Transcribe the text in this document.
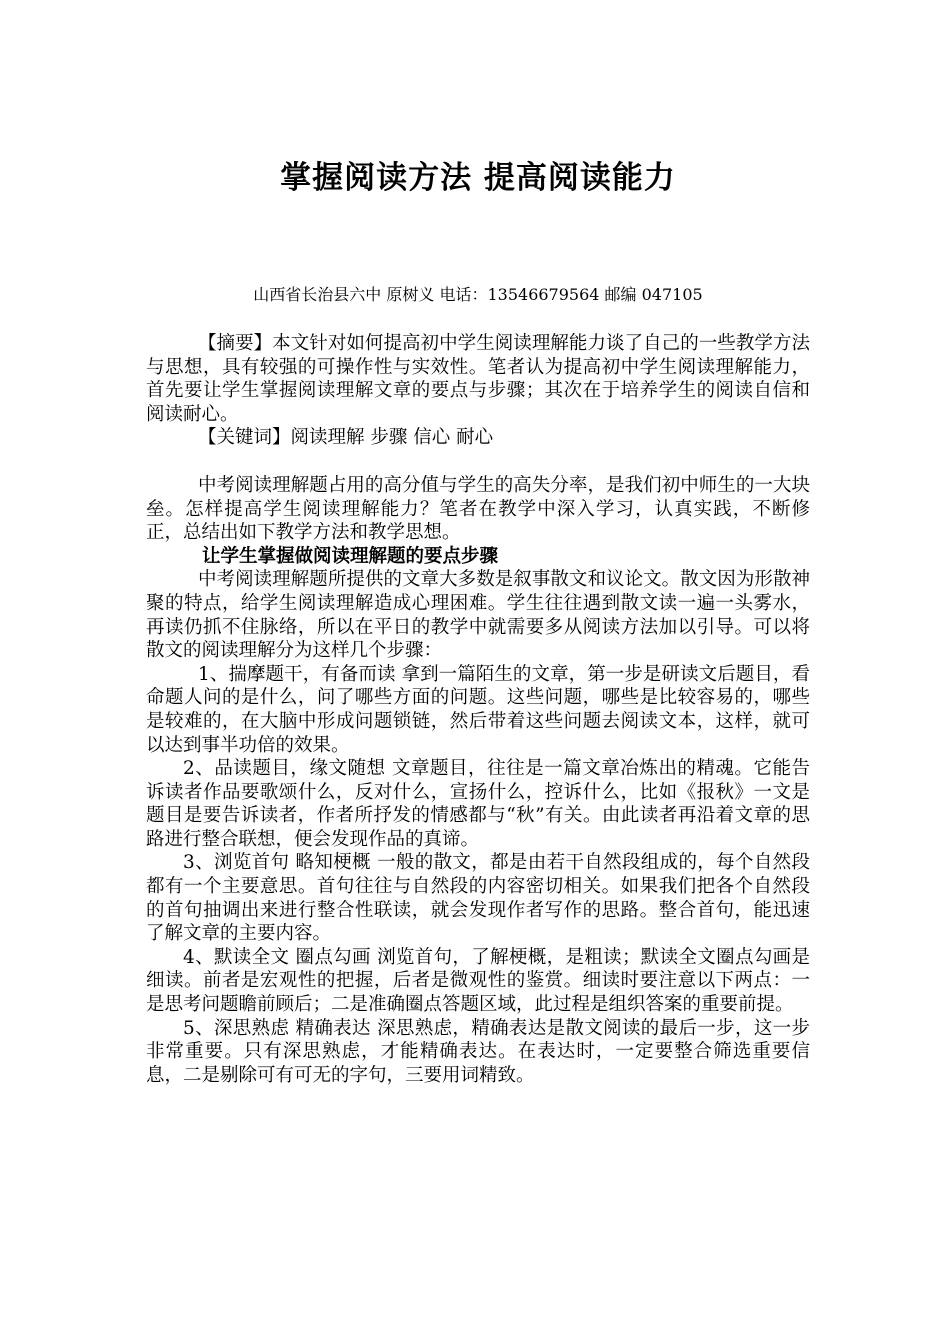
掌握阅读方法 提高阅读能力
山西省长治县六中 原树义 电话：13546679564 邮编 047105

【摘要】本文针对如何提高初中学生阅读理解能力谈了自己的一些教学方法与思想，具有较强的可操作性与实效性。笔者认为提高初中学生阅读理解能力，首先要让学生掌握阅读理解文章的要点与步骤；其次在于培养学生的阅读自信和阅读耐心。

【关键词】阅读理解 步骤 信心 耐心

中考阅读理解题占用的高分值与学生的高失分率，是我们初中师生的一大块垒。怎样提高学生阅读理解能力？笔者在教学中深入学习，认真实践，不断修正，总结出如下教学方法和教学思想。

让学生掌握做阅读理解题的要点步骤

中考阅读理解题所提供的文章大多数是叙事散文和议论文。散文因为形散神聚的特点，给学生阅读理解造成心理困难。学生往往遇到散文读一遍一头雾水，再读仍抓不住脉络，所以在平日的教学中就需要多从阅读方法加以引导。可以将散文的阅读理解分为这样几个步骤：

1、揣摩题干，有备而读 拿到一篇陌生的文章，第一步是研读文后题目，看命题人问的是什么，问了哪些方面的问题。这些问题，哪些是比较容易的，哪些是较难的，在大脑中形成问题锁链，然后带着这些问题去阅读文本，这样，就可以达到事半功倍的效果。

2、品读题目，缘文随想 文章题目，往往是一篇文章冶炼出的精魂。它能告诉读者作品要歌颂什么，反对什么，宣扬什么，控诉什么，比如《报秋》一文是题目是要告诉读者，作者所抒发的情感都与“秋”有关。由此读者再沿着文章的思路进行整合联想，便会发现作品的真谛。

3、浏览首句 略知梗概 一般的散文，都是由若干自然段组成的，每个自然段都有一个主要意思。首句往往与自然段的内容密切相关。如果我们把各个自然段的首句抽调出来进行整合性联读，就会发现作者写作的思路。整合首句，能迅速了解文章的主要内容。

4、默读全文 圈点勾画 浏览首句，了解梗概，是粗读；默读全文圈点勾画是细读。前者是宏观性的把握，后者是微观性的鉴赏。细读时要注意以下两点：一是思考问题瞻前顾后；二是准确圈点答题区域，此过程是组织答案的重要前提。

5、深思熟虑 精确表达 深思熟虑，精确表达是散文阅读的最后一步，这一步非常重要。只有深思熟虑，才能精确表达。在表达时，一定要整合筛选重要信息，二是剔除可有可无的字句，三要用词精致。
